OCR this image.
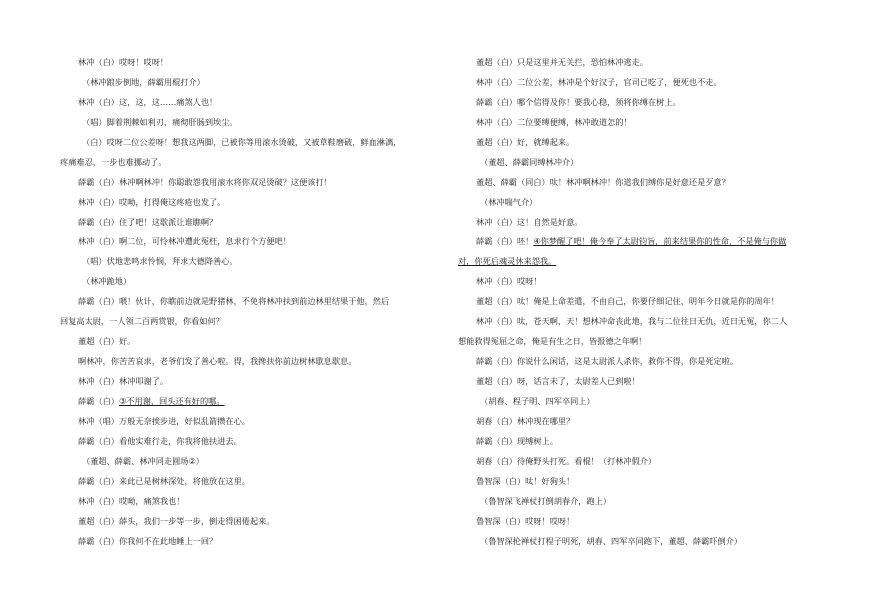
林冲（白）哎呀！哎呀！
（林冲踉步倒地，薛霸用棍打介）
林冲（白）这，这，这……痛煞人也！
（唱）脚着荆棘如利刃，痛彻肝肠到埃尘。
（白）哎呀二位公差呀！想我这两脚，已被你等用滚水烫破，又被草鞋磨破，鲜血淋漓，
疼痛难忍，一步也难挪动了。
薛霸（白）林冲啊林冲！你聪敢怨我用滚水将你双足烫破？这便该打！
林冲（白）哎呦，打得俺这疼疮也发了。
薛霸（白）住了吧！这歇派让谁瞧啊？
林冲（白）啊二位，可怜林冲遭此冤枉，息求行个方便吧！
（唱）伏地悲鸣求怜悯，拜求大德降善心。
（林冲跪地）
薛霸（白）喂！伙计，你瞧前边就是野猪林，不免将林冲扶到前边林里结果于他，然后
回复高太尉，一人领二百两赏银，你看如何？
董超（白）好。
啊林冲，你苦苦哀求，老爷们发了善心啦。得，我搀扶你前边树林歇息歇息。
林冲（白）林冲叩谢了。
薛霸（白）③不用谢，回头还有好的哪。
林冲（唱）万般无奈挨步进，好似乱箭攒在心。
薛霸（白）看他实难行走，你我将他扶进去。
（董超、薛霸、林冲同走圆场②）
薛霸（白）来此已是树林深处，将他放在这里。
林冲（白）哎呦，痛煞我也！
董超（白）薛头，我们一步等一步，倒走得困倦起来。
薛霸（白）你我何不在此地睡上一回？
董超（白）只是这里并无关拦，恐怕林冲逃走。
林冲（白）二位公差，林冲是个好汉子，官司已吃了，便死也不走。
薛霸（白）哪个信得及你！要我心稳，须将你缚在树上。
林冲（白）二位要缚便缚，林冲敢道怎的！
董超（白）好，就缚起来。
（董超、薛霸同缚林冲介）
董超、薛霸（同白）呔！林冲啊林冲！你道我们缚你是好意还是歹意？
（林冲喘气介）
林冲（白）这！自然是好意。
薛霸（白）呸！④你梦醒了吧！俺今奉了太尉钧旨，前来结果你的性命，不是俺与你做
对，你死后魂灵休来怨我。
林冲（白）哎呀！
董超（白）呔！俺是上命差遣，不由自己，你要仔细记住，明年今日就是你的周年！
林冲（白）呔，苍天啊，天！想林冲命丧此地，我与二位往日无仇，近日无冤，你二人
想能救得冤屈之命，俺是有生之日，皆报德之年啊！
薛霸（白）你说什么闲话，这是太尉派人杀你，救你不得，你是死定啦。
董超（白）呀，话言未了，太尉差人已到啦！
（胡春、程子明、四军卒同上）
胡春（白）林冲现在哪里？
薛霸（白）现缚树上。
胡春（白）待俺野头打死。看棍！（打林冲假介）
鲁智深（白）呔！好狗头！
（鲁智深飞禅杖打倒胡春介，跑上）
鲁智深（白）哎呀！哎呀！
（鲁智深抡禅杖打程子明死，胡春、四军卒同跑下，董超、薛霸吓倒介）
